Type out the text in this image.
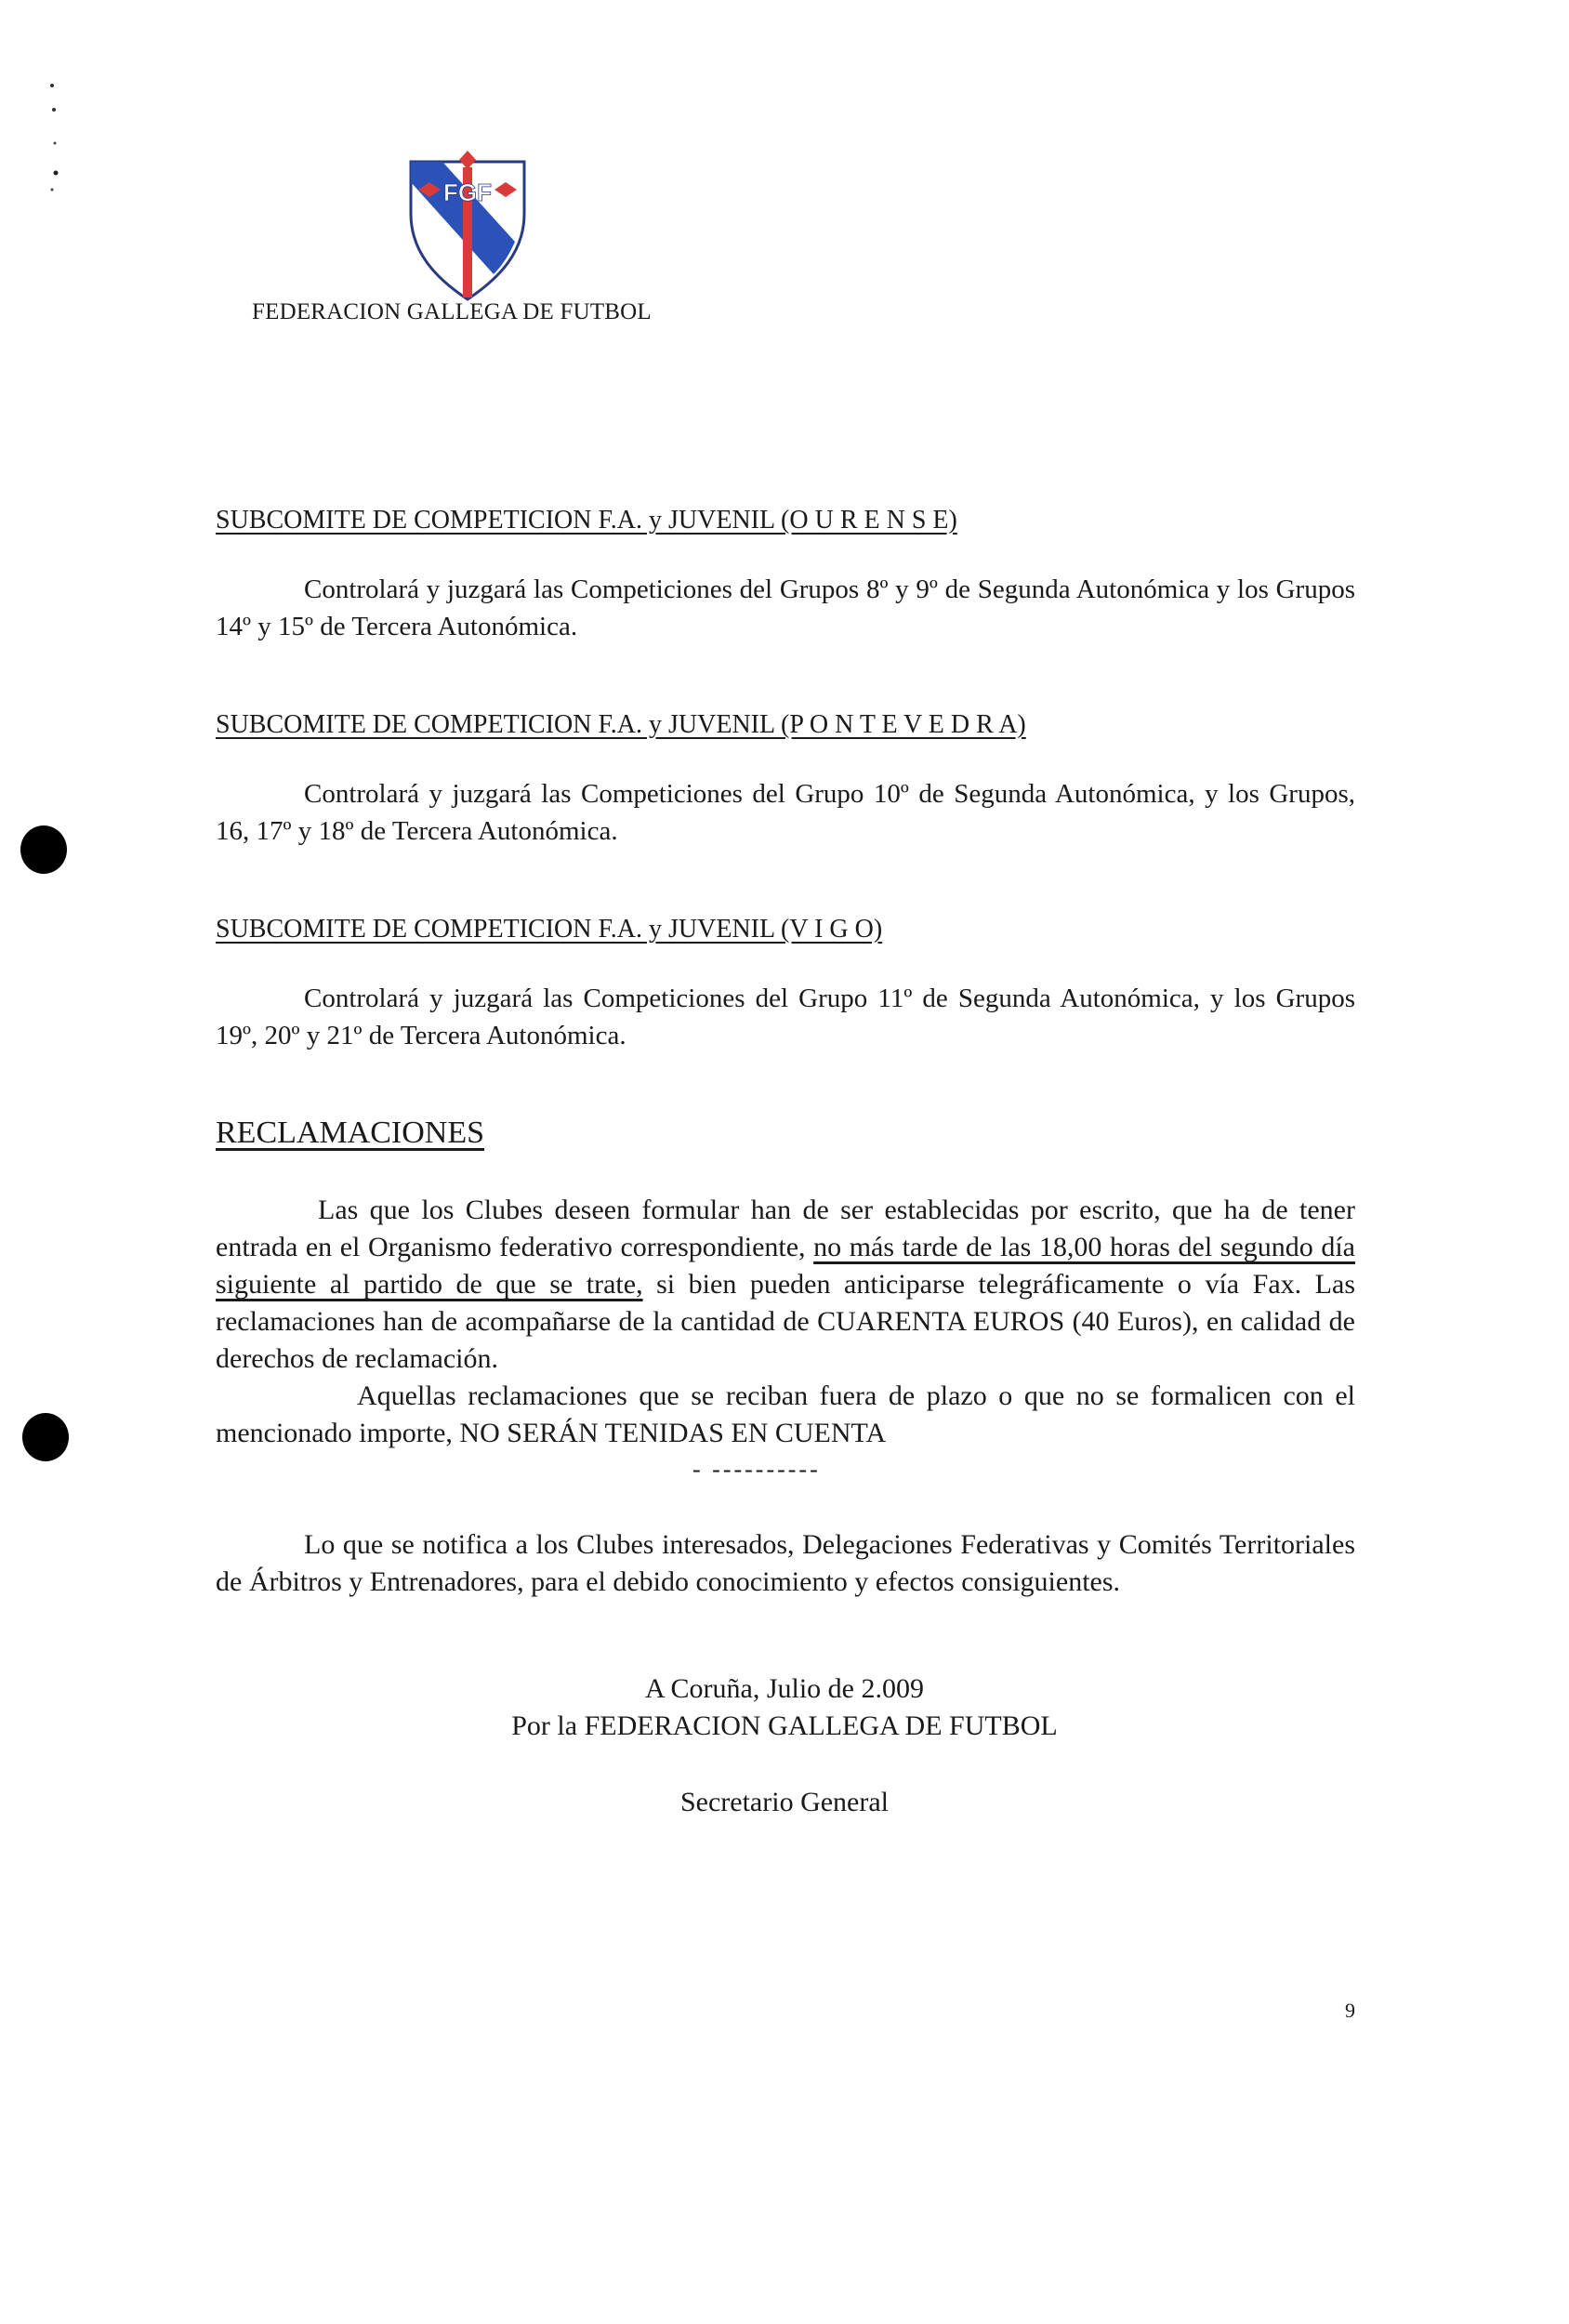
FGF
FEDERACION GALLEGA DE FUTBOL
SUBCOMITE DE COMPETICION F.A. y JUVENIL (O U R E N S E)

Controlará y juzgará las Competiciones del Grupos 8º y 9º de Segunda Autonómica y los Grupos 14º y 15º de Tercera Autonómica.

SUBCOMITE DE COMPETICION F.A. y JUVENIL (P O N T E V E D R A)

Controlará y juzgará las Competiciones del Grupo 10º de Segunda Autonómica, y los Grupos, 16, 17º y 18º de Tercera Autonómica.

SUBCOMITE DE COMPETICION F.A. y JUVENIL (V I G O)

Controlará y juzgará las Competiciones del Grupo 11º de Segunda Autonómica, y los Grupos 19º, 20º y 21º de Tercera Autonómica.

RECLAMACIONES

Las que los Clubes deseen formular han de ser establecidas por escrito, que ha de tener entrada en el Organismo federativo correspondiente, no más tarde de las 18,00 horas del segundo día siguiente al partido de que se trate, si bien pueden anticiparse telegráficamente o vía Fax. Las reclamaciones han de acompañarse de la cantidad de CUARENTA EUROS (40 Euros), en calidad de derechos de reclamación.

Aquellas reclamaciones que se reciban fuera de plazo o que no se formalicen con el mencionado importe, NO SERÁN TENIDAS EN CUENTA

- ----------

Lo que se notifica a los Clubes interesados, Delegaciones Federativas y Comités Territoriales de Árbitros y Entrenadores, para el debido conocimiento y efectos consiguientes.

A Coruña, Julio de 2.009
Por la FEDERACION GALLEGA DE FUTBOL
Secretario General
9
